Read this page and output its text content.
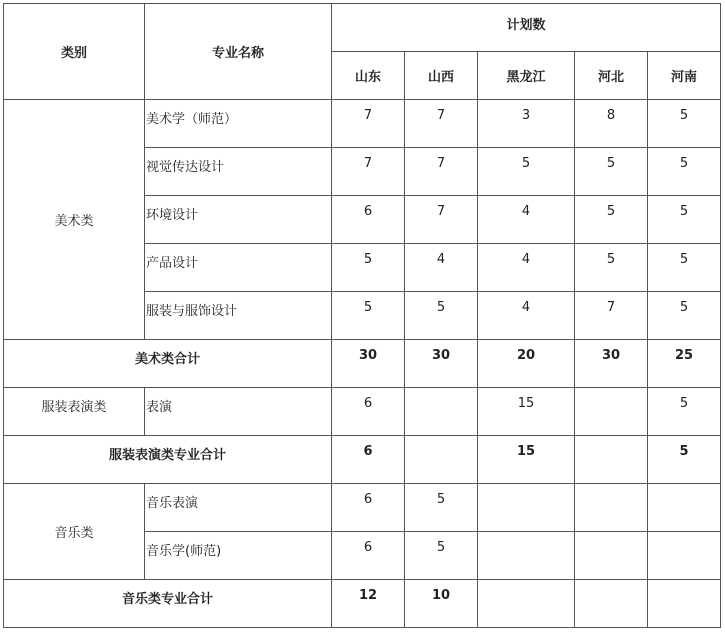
类别	专业名称	计划数				
		山东	山西	黑龙江	河北	河南
美术类	美术学（师范）	7	7	3	8	5
	视觉传达设计	7	7	5	5	5
	环境设计	6	7	4	5	5
	产品设计	5	4	4	5	5
	服装与服饰设计	5	5	4	7	5
美术类合计		30	30	20	30	25
服装表演类	表演	6		15		5
服装表演类专业合计		6		15		5
音乐类	音乐表演	6	5			
	音乐学(师范)	6	5			
音乐类专业合计		12	10			
